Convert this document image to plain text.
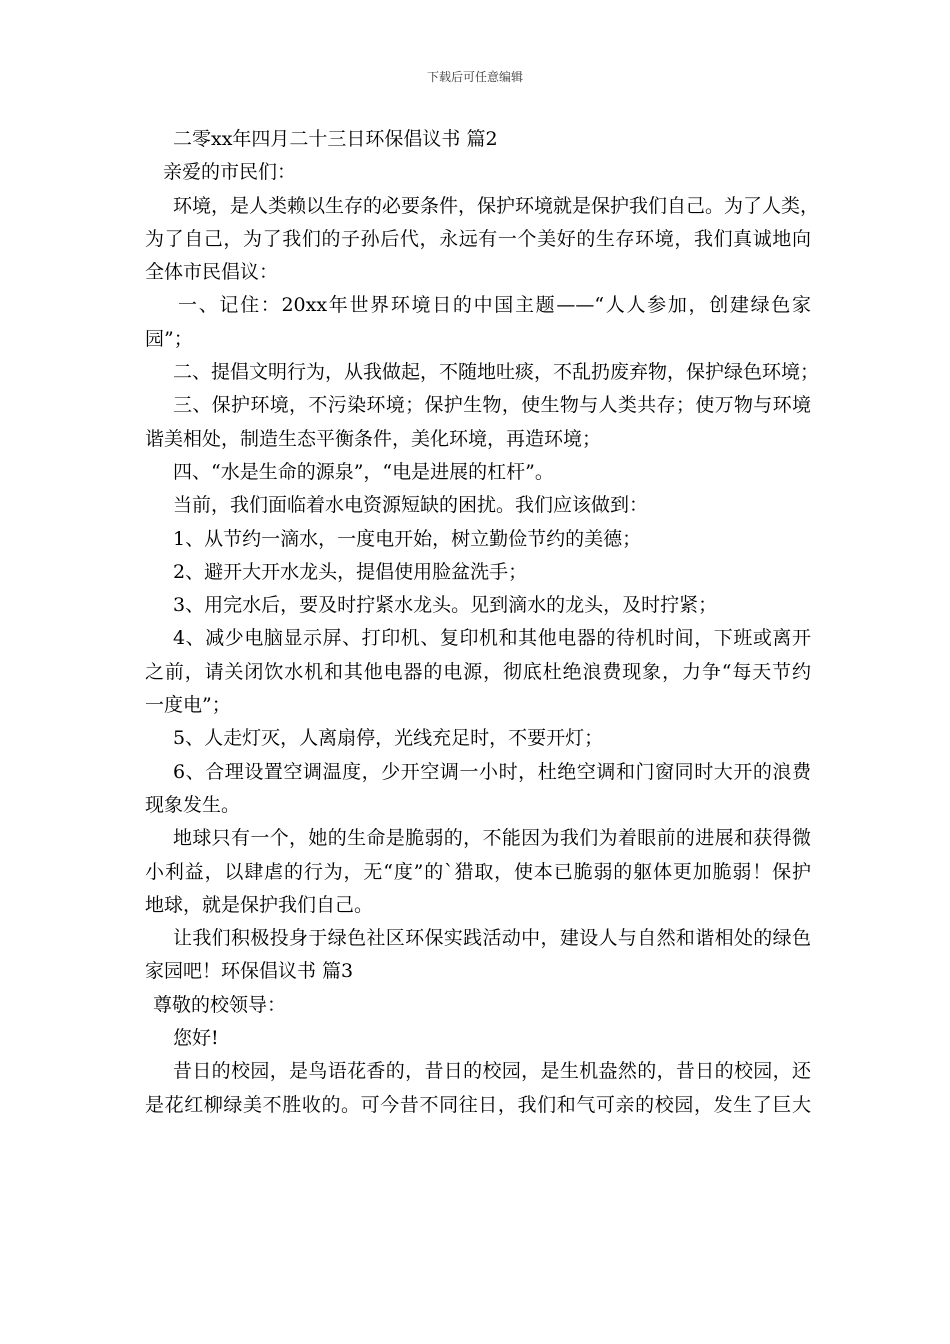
下载后可任意编辑
二零xx年四月二十三日环保倡议书 篇2
亲爱的市民们：
环境，是人类赖以生存的必要条件，保护环境就是保护我们自己。为了人类，
为了自己，为了我们的子孙后代，永远有一个美好的生存环境，我们真诚地向
全体市民倡议：
一、记住：20xx年世界环境日的中国主题——“人人参加，创建绿色家
园”；
二、提倡文明行为，从我做起，不随地吐痰，不乱扔废弃物，保护绿色环境；
三、保护环境，不污染环境；保护生物，使生物与人类共存；使万物与环境
谐美相处，制造生态平衡条件，美化环境，再造环境；
四、“水是生命的源泉”，“电是进展的杠杆”。
当前，我们面临着水电资源短缺的困扰。我们应该做到：
1、从节约一滴水，一度电开始，树立勤俭节约的美德；
2、避开大开水龙头，提倡使用脸盆洗手；
3、用完水后，要及时拧紧水龙头。见到滴水的龙头，及时拧紧；
4、减少电脑显示屏、打印机、复印机和其他电器的待机时间，下班或离开
之前，请关闭饮水机和其他电器的电源，彻底杜绝浪费现象，力争“每天节约
一度电”；
5、人走灯灭，人离扇停，光线充足时，不要开灯；
6、合理设置空调温度，少开空调一小时，杜绝空调和门窗同时大开的浪费
现象发生。
地球只有一个，她的生命是脆弱的，不能因为我们为着眼前的进展和获得微
小利益，以肆虐的行为，无“度”的`猎取，使本已脆弱的躯体更加脆弱！保护
地球，就是保护我们自己。
让我们积极投身于绿色社区环保实践活动中，建设人与自然和谐相处的绿色
家园吧！环保倡议书 篇3
尊敬的校领导：
您好!
昔日的校园，是鸟语花香的，昔日的校园，是生机盎然的，昔日的校园，还
是花红柳绿美不胜收的。可今昔不同往日，我们和气可亲的校园，发生了巨大
